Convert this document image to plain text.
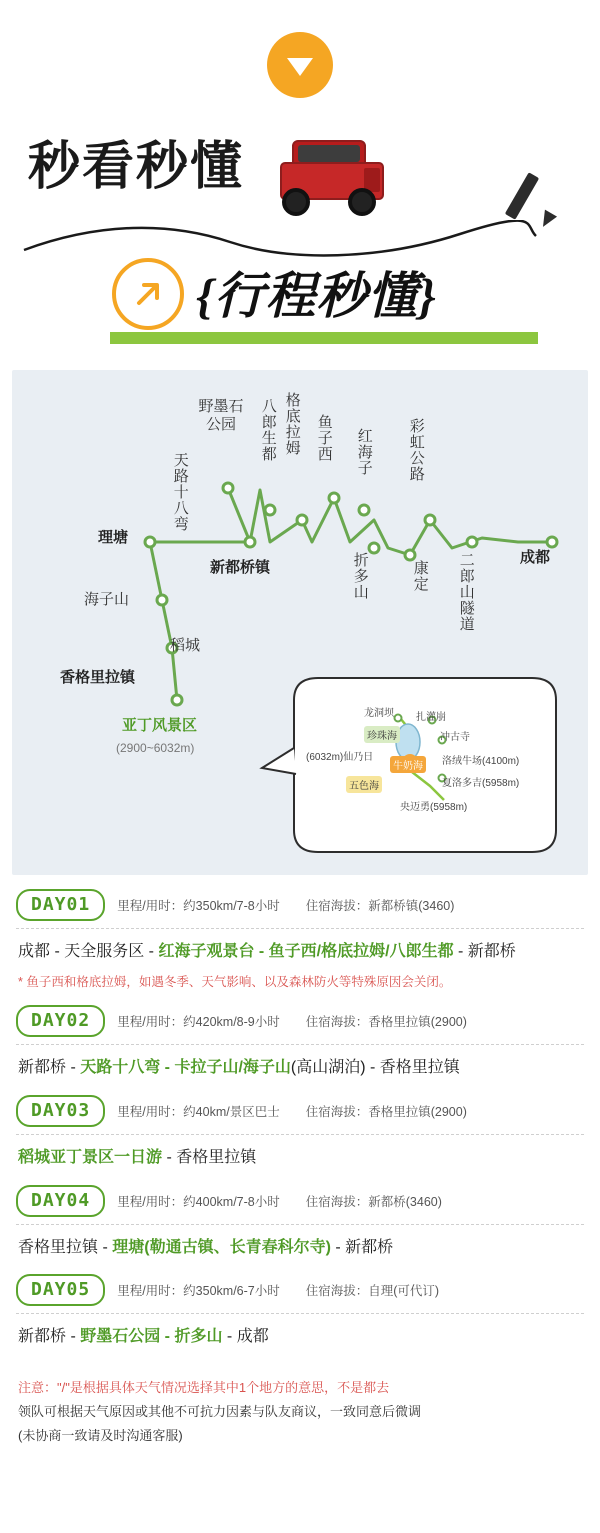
秒看秒懂
{行程秒懂}
理塘
天路十八弯
野墨石公园	八郎生都 格底拉姆 鱼子西 红海子 彩虹公路
新都桥镇	折多山	康定 二郎山隧道	成都
海子山
稻城
香格里拉镇
亚丁风景区
(2900~6032m)
龙洞坝 扎灌崩
珍珠海	冲古寺
(6032m)仙乃日
牛奶海	洛绒牛场(4100m)
五色海	夏洛多吉(5958m)
央迈勇(5958m)
DAY01	里程/用时：约350km/7-8小时 住宿海拔：新都桥镇(3460)
成都 - 天全服务区 - 红海子观景台 - 鱼子西/格底拉姆/八郎生都 - 新都桥
* 鱼子西和格底拉姆，如遇冬季、天气影响、以及森林防火等特殊原因会关闭。
DAY02	里程/用时：约420km/8-9小时 住宿海拔：香格里拉镇(2900)
新都桥 - 天路十八弯 - 卡拉子山/海子山(高山湖泊) - 香格里拉镇
DAY03	里程/用时：约40km/景区巴士 住宿海拔：香格里拉镇(2900)
稻城亚丁景区一日游 - 香格里拉镇
DAY04	里程/用时：约400km/7-8小时 住宿海拔：新都桥(3460)
香格里拉镇 - 理塘(勒通古镇、长青春科尔寺) - 新都桥
DAY05	里程/用时：约350km/6-7小时 住宿海拔：自理(可代订)
新都桥 - 野墨石公园 - 折多山 - 成都
注意："/"是根据具体天气情况选择其中1个地方的意思，不是都去
领队可根据天气原因或其他不可抗力因素与队友商议，一致同意后微调
(未协商一致请及时沟通客服)
